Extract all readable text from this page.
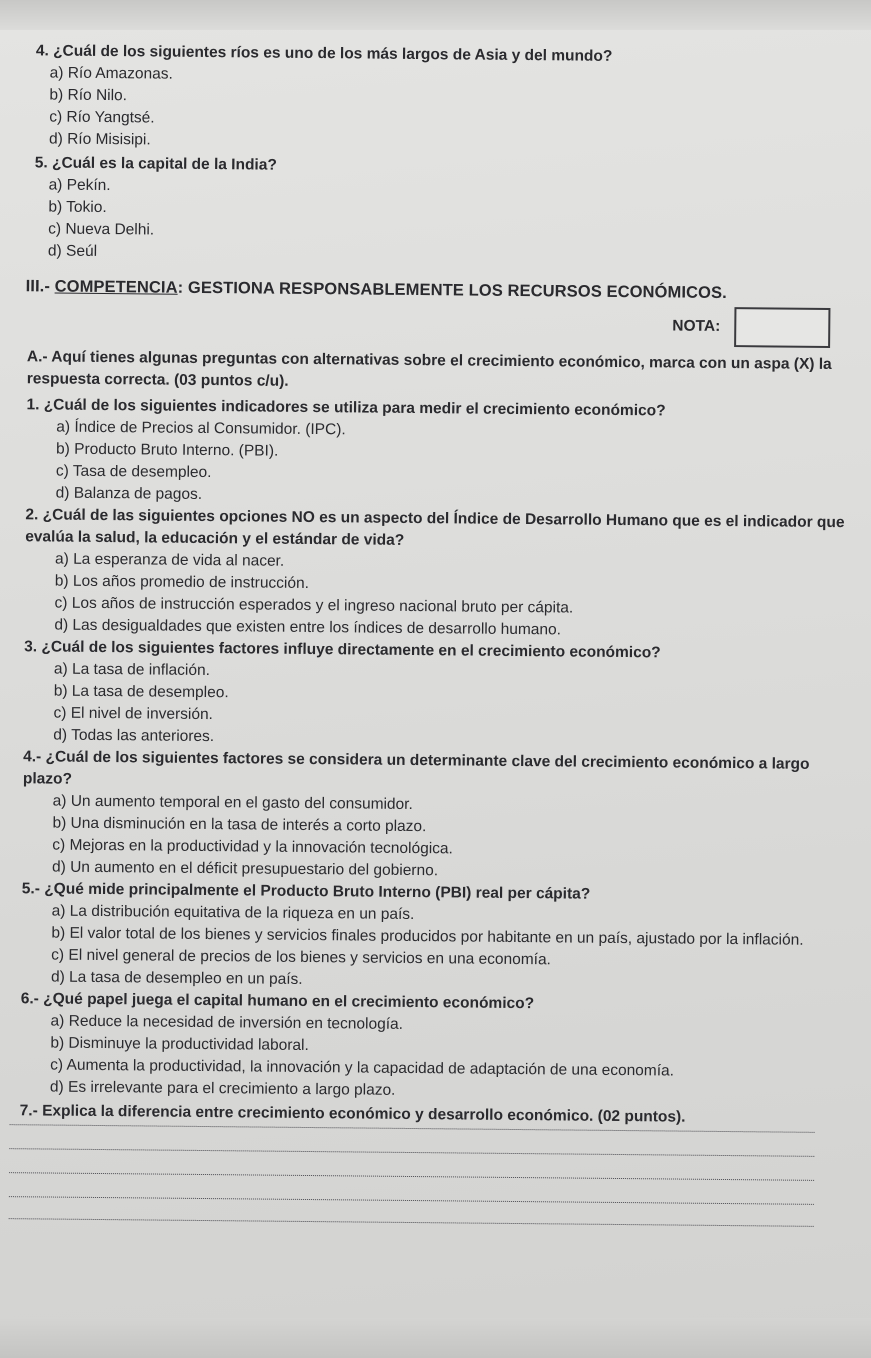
4. ¿Cuál de los siguientes ríos es uno de los más largos de Asia y del mundo?

a) Río Amazonas.

b) Río Nilo.

c) Río Yangtsé.

d) Río Misisipi.

5. ¿Cuál es la capital de la India?

a) Pekín.

b) Tokio.

c) Nueva Delhi.

d) Seúl

III.- COMPETENCIA: GESTIONA RESPONSABLEMENTE LOS RECURSOS ECONÓMICOS.
NOTA:

A.- Aquí tienes algunas preguntas con alternativas sobre el crecimiento económico, marca con un aspa (X) la respuesta correcta. (03 puntos c/u).

1. ¿Cuál de los siguientes indicadores se utiliza para medir el crecimiento económico?

a) Índice de Precios al Consumidor. (IPC).

b) Producto Bruto Interno. (PBI).

c) Tasa de desempleo.

d) Balanza de pagos.

2. ¿Cuál de las siguientes opciones NO es un aspecto del Índice de Desarrollo Humano que es el indicador que evalúa la salud, la educación y el estándar de vida?

a) La esperanza de vida al nacer.

b) Los años promedio de instrucción.

c) Los años de instrucción esperados y el ingreso nacional bruto per cápita.

d) Las desigualdades que existen entre los índices de desarrollo humano.

3. ¿Cuál de los siguientes factores influye directamente en el crecimiento económico?

a) La tasa de inflación.

b) La tasa de desempleo.

c) El nivel de inversión.

d) Todas las anteriores.

4.- ¿Cuál de los siguientes factores se considera un determinante clave del crecimiento económico a largo plazo?

a) Un aumento temporal en el gasto del consumidor.

b) Una disminución en la tasa de interés a corto plazo.

c) Mejoras en la productividad y la innovación tecnológica.

d) Un aumento en el déficit presupuestario del gobierno.

5.- ¿Qué mide principalmente el Producto Bruto Interno (PBI) real per cápita?

a) La distribución equitativa de la riqueza en un país.

b) El valor total de los bienes y servicios finales producidos por habitante en un país, ajustado por la inflación.

c) El nivel general de precios de los bienes y servicios en una economía.

d) La tasa de desempleo en un país.

6.- ¿Qué papel juega el capital humano en el crecimiento económico?

a) Reduce la necesidad de inversión en tecnología.

b) Disminuye la productividad laboral.

c) Aumenta la productividad, la innovación y la capacidad de adaptación de una economía.

d) Es irrelevante para el crecimiento a largo plazo.

7.- Explica la diferencia entre crecimiento económico y desarrollo económico. (02 puntos).
